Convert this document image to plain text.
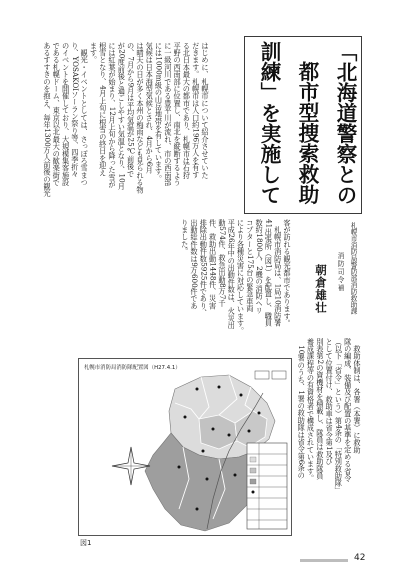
はじめに、札幌市について紹介させていた
だきます。札幌市は人口約196万人を有す
る北日本最大の都市であり、札幌市は石狩
平野の西南部に位置し、南北を縦断するよう
に一級河川である豊平川が流れ、市の西南部
には1000m級の山岳地帯を有しています。
気候は日本海型気候とされ、4月から6月
は晴天の日が多く本州の梅雨なども見られる物
の、7月から9月は平均気温が25℃前後で
が20度前後と過ごしやすい気温となり、10月
には紅葉が始まり、12月上旬から降った雪が
根雪となり、4月上旬に根雪の終日を迎え
ます。
　観光・イベントとしては、さっぽろ雪まつ
り、YOSAKOIソーラン祭り等、四季折々
のイベントを開催しており、大規模集客施設
である札幌ドーム、東京以北最大の歓楽街で
あるすすきのを抱え、毎年1300万人前後の観光	「北海道警察との
都市型捜索救助
訓練」を実施して
札幌市消防局警防部消防救助課
消防司令補
朝倉雄壮
客が訪れる観光都市であります。
　札幌市消防局は、1局10消防署
41出張所（図1）を配置し、職員
数約1800人、2機の消防ヘリ
コプターと175台の緊急車両
により各種災害に対応しています。
平成26年中の出動件数は、火災出
動574件、救急出動8万7千
件、救助出動1448件、災害
排除出動件数5925件であり、
出動総件数は9万600件であ
りました。
　救助体制は、各署（本署）に救助
隊の編成、装備及び配置の基準を定める省令
（以下「省令」という）第4条の「特別救助隊」
として位置付け、救助車は省令第1及び
別表第2の資機材を積載し、隊員は救助隊員
養成課程等の有資格者で構成されています。
　10署のうち、1署の救助隊は省令第6条の
札幌市消防局消防隊配置図（H27.4.1）
図1
42
